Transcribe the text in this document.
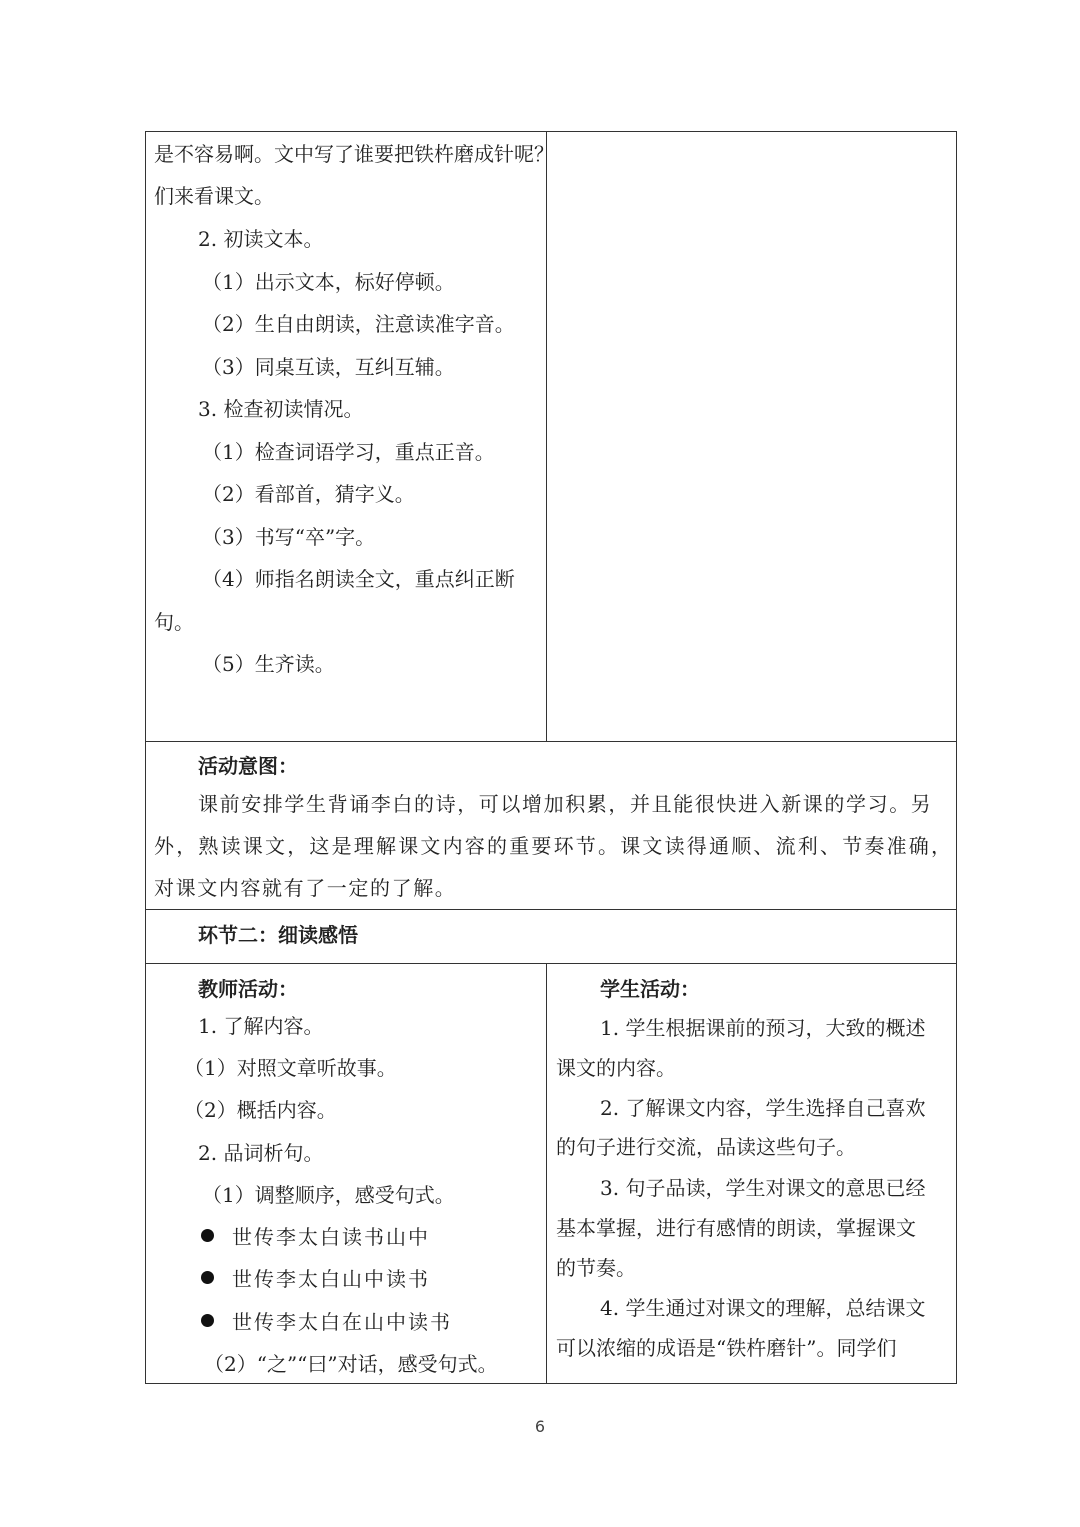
是不容易啊。文中写了谁要把铁杵磨成针呢？
们来看课文。
2. 初读文本。
（1）出示文本，标好停顿。
（2）生自由朗读，注意读准字音。
（3）同桌互读，互纠互辅。
3. 检查初读情况。
（1）检查词语学习，重点正音。
（2）看部首，猜字义。
（3）书写“卒”字。
（4）师指名朗读全文，重点纠正断
句。
（5）生齐读。
活动意图：
课前安排学生背诵李白的诗，可以增加积累，并且能很快进入新课的学习。另
外，熟读课文，这是理解课文内容的重要环节。课文读得通顺、流利、节奏准确，
对课文内容就有了一定的了解。
环节二：细读感悟
教师活动：
1. 了解内容。
（1）对照文章听故事。
（2）概括内容。
2. 品词析句。
（1）调整顺序，感受句式。
世传李太白读书山中
世传李太白山中读书
世传李太白在山中读书
（2）“之”“曰”对话，感受句式。
学生活动：
1. 学生根据课前的预习，大致的概述
课文的内容。
2. 了解课文内容，学生选择自己喜欢
的句子进行交流，品读这些句子。
3. 句子品读，学生对课文的意思已经
基本掌握，进行有感情的朗读，掌握课文
的节奏。
4. 学生通过对课文的理解，总结课文
可以浓缩的成语是“铁杵磨针”。同学们
6
